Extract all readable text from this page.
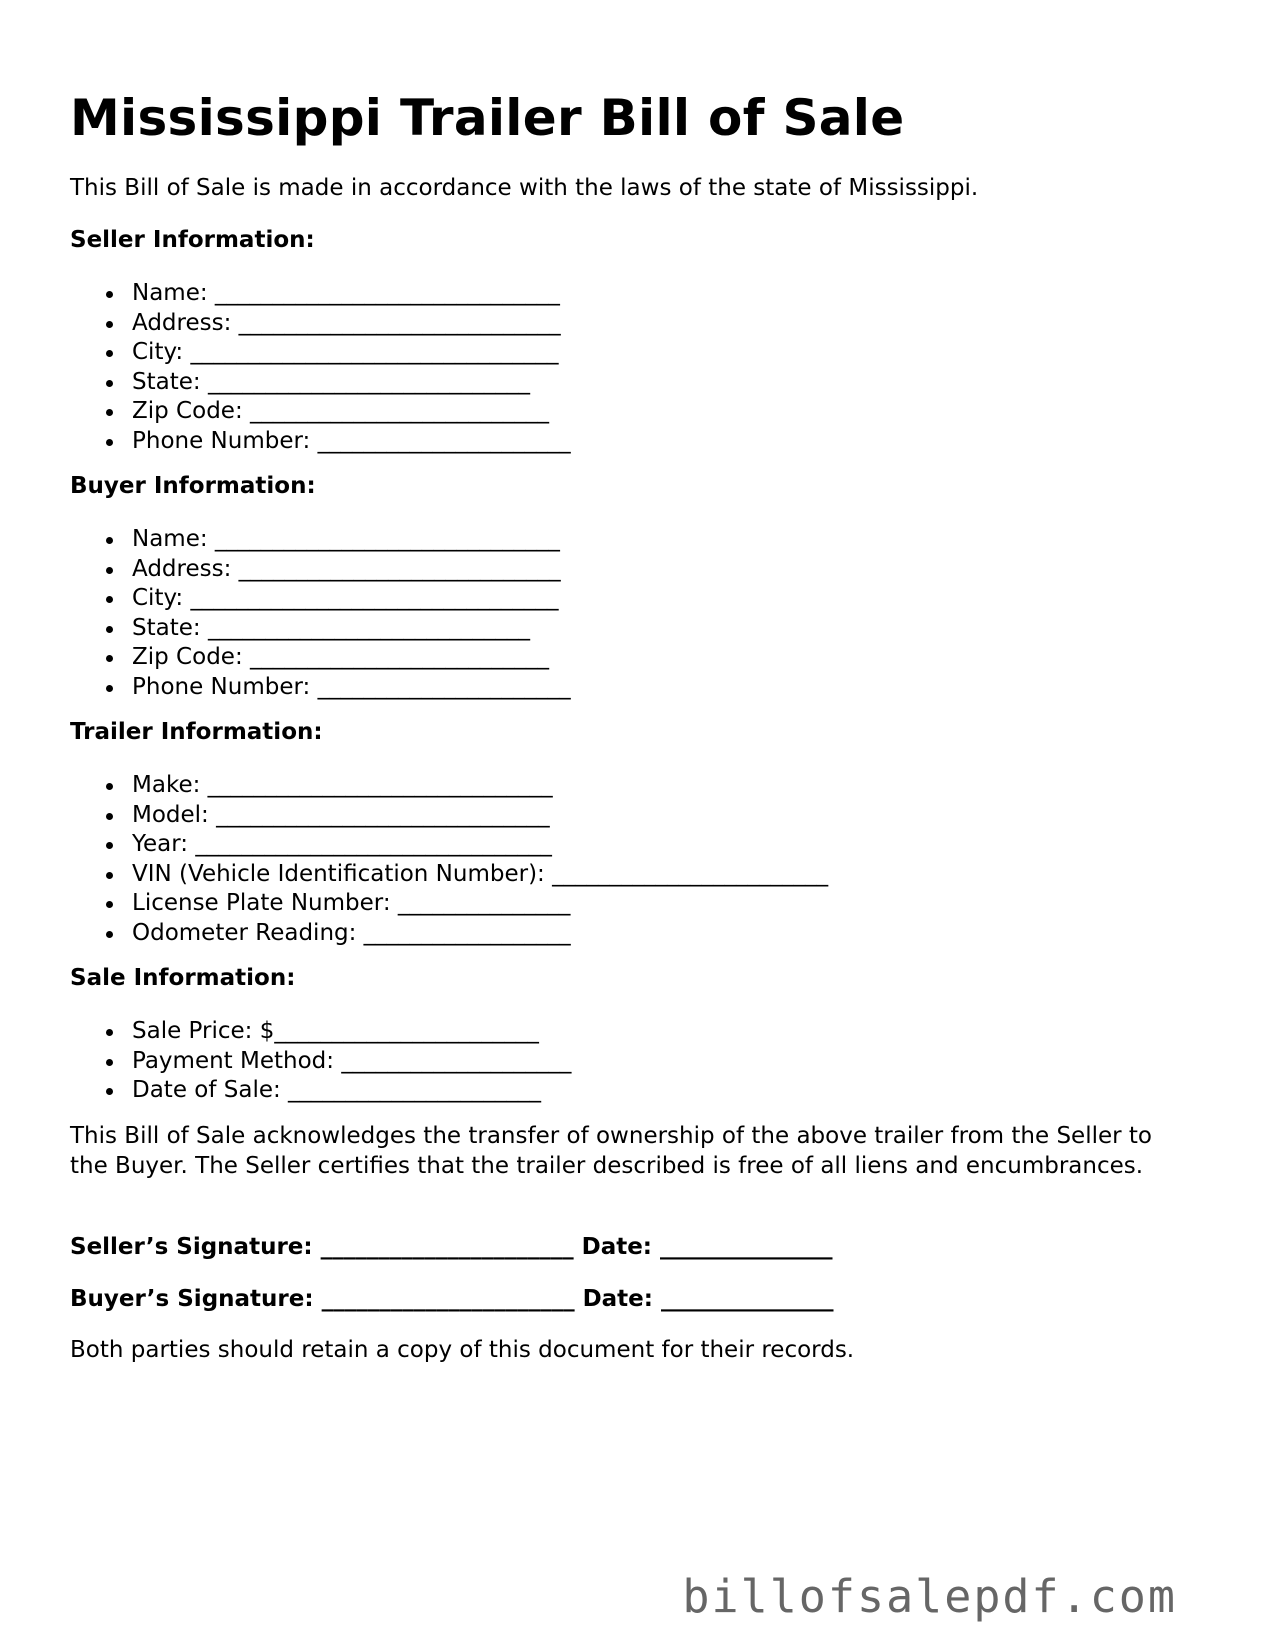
Mississippi Trailer Bill of Sale

This Bill of Sale is made in accordance with the laws of the state of Mississippi.

Seller Information:
Name: ______________________________
Address: ____________________________
City: ________________________________
State: ____________________________
Zip Code: __________________________
Phone Number: ______________________
Buyer Information:
Name: ______________________________
Address: ____________________________
City: ________________________________
State: ____________________________
Zip Code: __________________________
Phone Number: ______________________
Trailer Information:
Make: ______________________________
Model: _____________________________
Year: _______________________________
VIN (Vehicle Identification Number): ________________________
License Plate Number: _______________
Odometer Reading: __________________
Sale Information:
Sale Price: $_______________________
Payment Method: ____________________
Date of Sale: ______________________

This Bill of Sale acknowledges the transfer of ownership of the above trailer from the Seller to the Buyer. The Seller certifies that the trailer described is free of all liens and encumbrances.

Seller’s Signature: ______________________ Date: _______________
Buyer’s Signature: ______________________ Date: _______________

Both parties should retain a copy of this document for their records.

billofsalepdf.com
